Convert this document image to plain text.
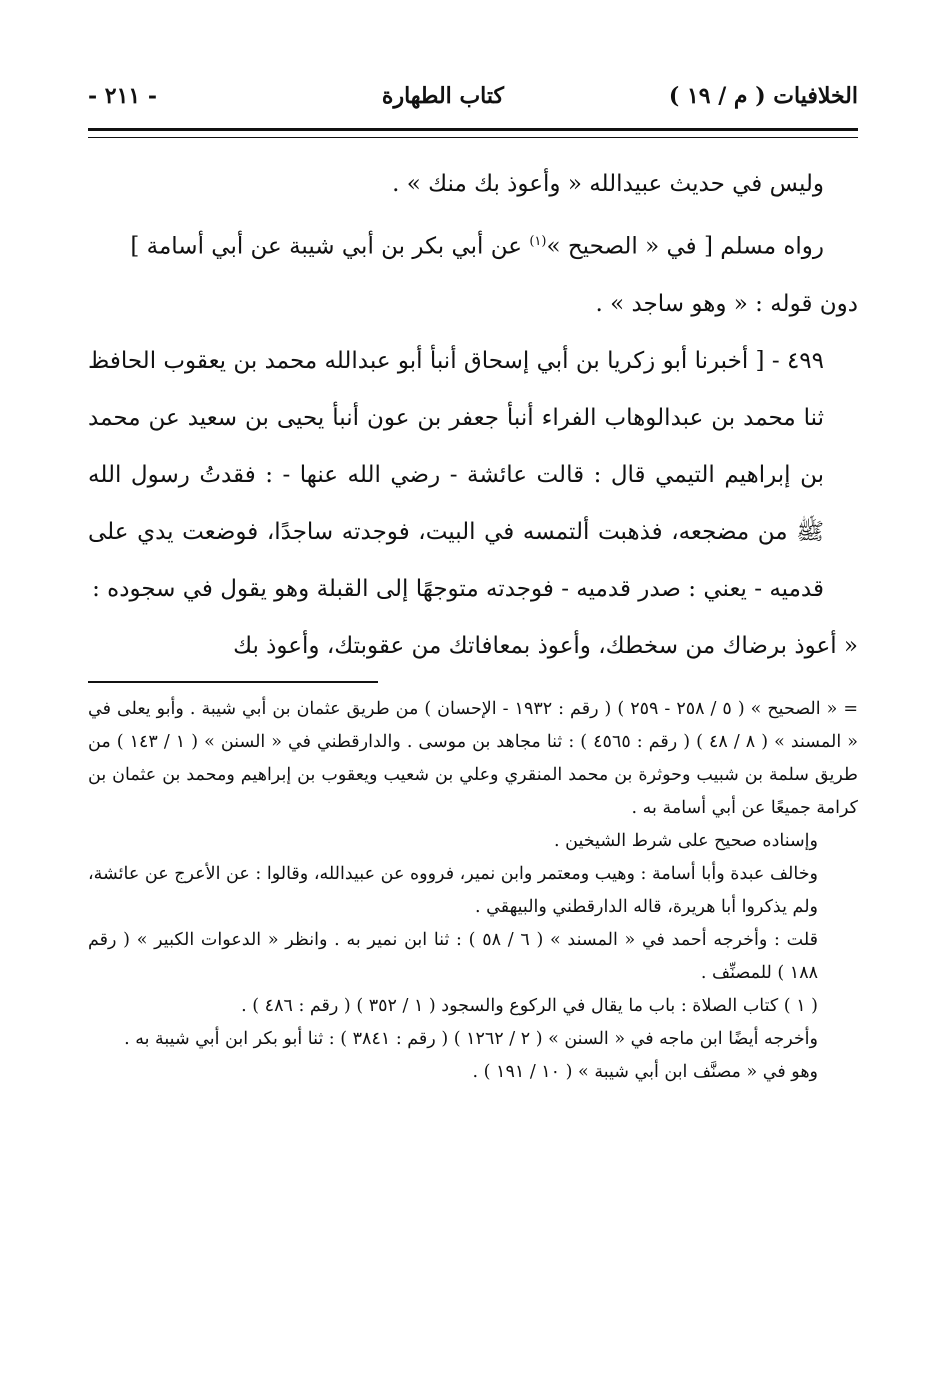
الخلافيات ( م / ١٩ )
كتاب الطهارة
- ٢١١ -

وليس في حديث عبيدالله « وأعوذ بك منك » .

رواه مسلم [ في « الصحيح »$^{(١)}$ عن أبي بكر بن أبي شيبة عن أبي أسامة ]

دون قوله : « وهو ساجد » .

٤٩٩ - [ أخبرنا أبو زكريا بن أبي إسحاق أنبأ أبو عبدالله محمد بن يعقوب الحافظ ثنا محمد بن عبدالوهاب الفراء أنبأ جعفر بن عون أنبأ يحيى بن سعيد عن محمد بن إبراهيم التيمي قال : قالت عائشة - رضي الله عنها - : فقدتُ رسول الله ﷺ من مضجعه، فذهبت ألتمسه في البيت، فوجدته ساجدًا، فوضعت يدي على قدميه - يعني : صدر قدميه - فوجدته متوجهًا إلى القبلة وهو يقول في سجوده :

« أعوذ برضاك من سخطك، وأعوذ بمعافاتك من عقوبتك، وأعوذ بك

= « الصحيح » ( ٥ / ٢٥٨ - ٢٥٩ ) ( رقم : ١٩٣٢ - الإحسان ) من طريق عثمان بن أبي شيبة . وأبو يعلى في « المسند » ( ٨ / ٤٨ ) ( رقم : ٤٥٦٥ ) : ثنا مجاهد بن موسى . والدارقطني في « السنن » ( ١ / ١٤٣ ) من طريق سلمة بن شبيب وحوثرة بن محمد المنقري وعلي بن شعيب ويعقوب بن إبراهيم ومحمد بن عثمان بن كرامة جميعًا عن أبي أسامة به .

وإسناده صحيح على شرط الشيخين .

وخالف عبدة وأبا أسامة : وهيب ومعتمر وابن نمير، فرووه عن عبيدالله، وقالوا : عن الأعرج عن عائشة، ولم يذكروا أبا هريرة، قاله الدارقطني والبيهقي .

قلت : وأخرجه أحمد في « المسند » ( ٦ / ٥٨ ) : ثنا ابن نمير به . وانظر « الدعوات الكبير » ( رقم ١٨٨ ) للمصنِّف .

( ١ ) كتاب الصلاة : باب ما يقال في الركوع والسجود ( ١ / ٣٥٢ ) ( رقم : ٤٨٦ ) .

وأخرجه أيضًا ابن ماجه في « السنن » ( ٢ / ١٢٦٢ ) ( رقم : ٣٨٤١ ) : ثنا أبو بكر ابن أبي شيبة به .

وهو في « مصنَّف ابن أبي شيبة » ( ١٠ / ١٩١ ) .
